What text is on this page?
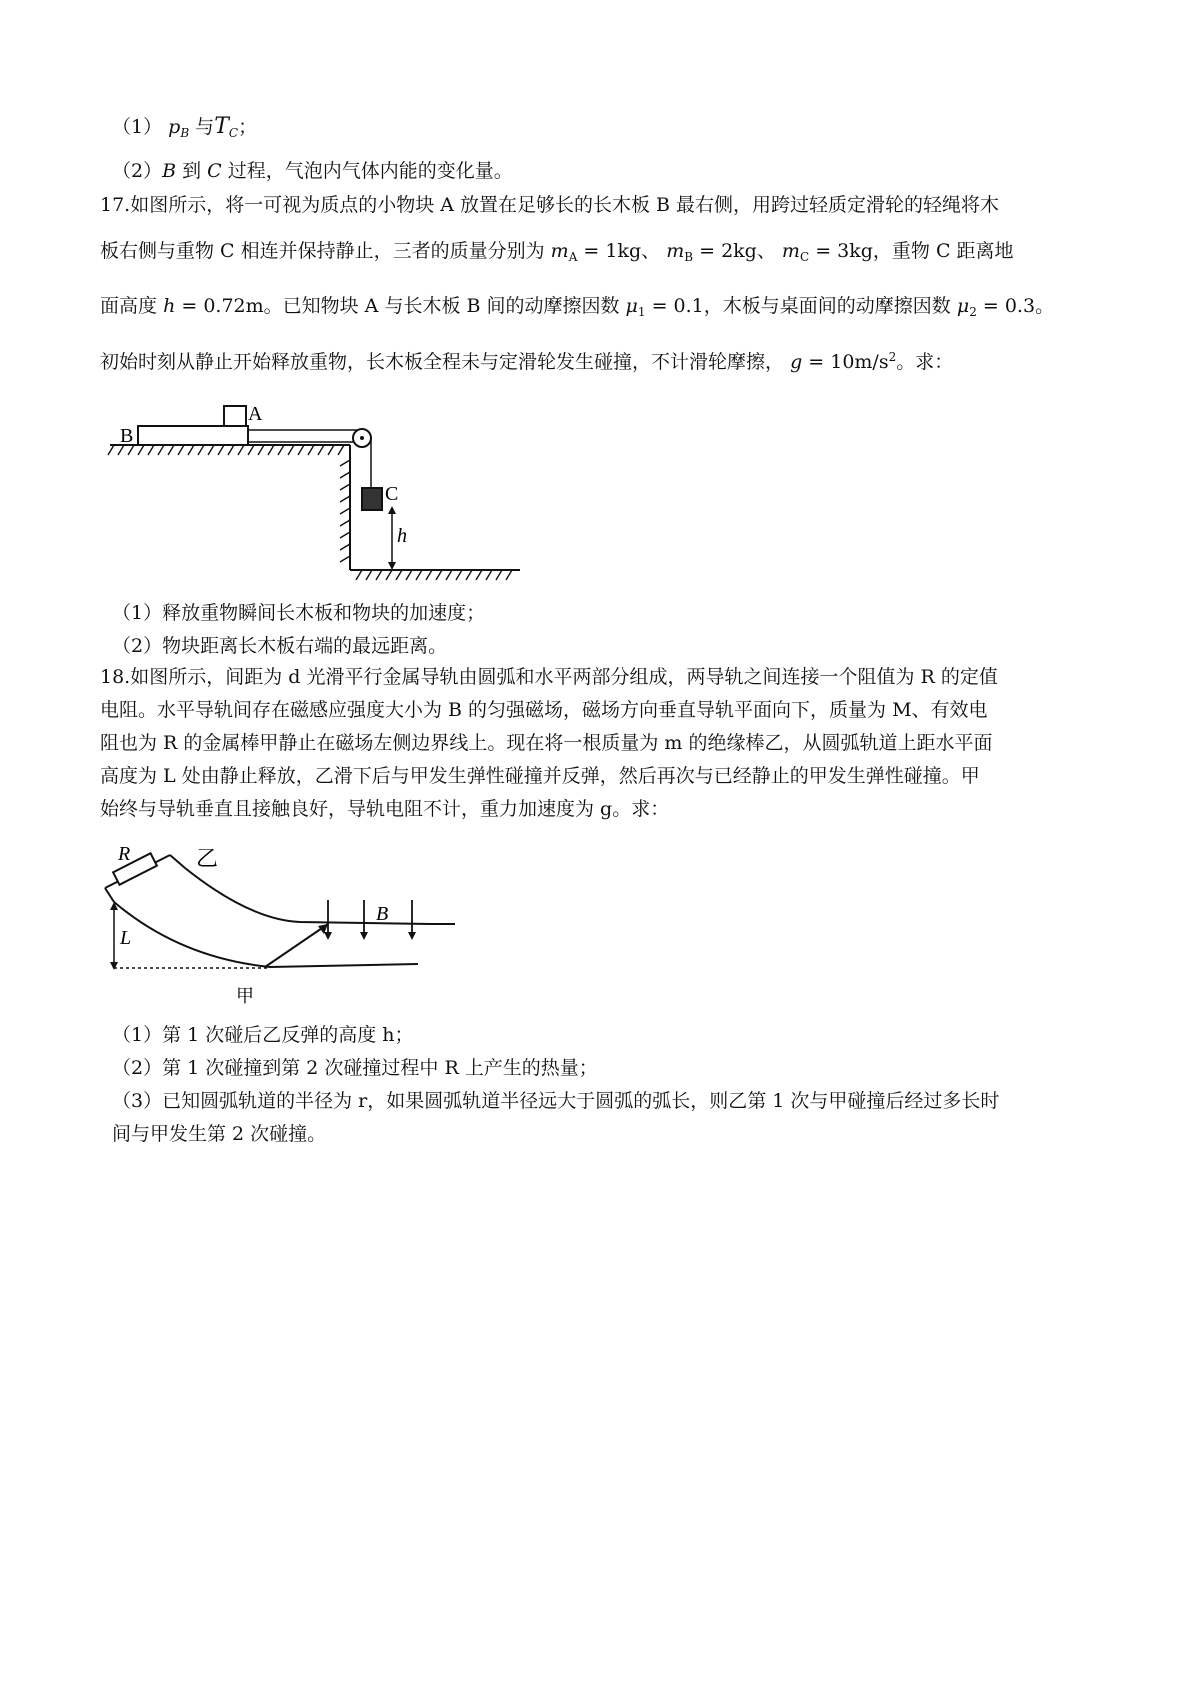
（1） $p_B$ 与$T_C$；
（2）B 到 C 过程，气泡内气体内能的变化量。
17.如图所示，将一可视为质点的小物块 A 放置在足够长的长木板 B 最右侧，用跨过轻质定滑轮的轻绳将木
板右侧与重物 C 相连并保持静止，三者的质量分别为 $m_A = 1kg$、 $m_B = 2kg$、 $m_C = 3kg$，重物 C 距离地
面高度 h = 0.72m。已知物块 A 与长木板 B 间的动摩擦因数 $\mu_1 = 0.1$，木板与桌面间的动摩擦因数 $\mu_2 = 0.3$。
初始时刻从静止开始释放重物，长木板全程未与定滑轮发生碰撞，不计滑轮摩擦， $g = 10m/s^2$。求：
B
A
C
h
（1）释放重物瞬间长木板和物块的加速度；
（2）物块距离长木板右端的最远距离。
18.如图所示，间距为 d 光滑平行金属导轨由圆弧和水平两部分组成，两导轨之间连接一个阻值为 R 的定值
电阻。水平导轨间存在磁感应强度大小为 B 的匀强磁场，磁场方向垂直导轨平面向下，质量为 M、有效电
阻也为 R 的金属棒甲静止在磁场左侧边界线上。现在将一根质量为 m 的绝缘棒乙，从圆弧轨道上距水平面
高度为 L 处由静止释放，乙滑下后与甲发生弹性碰撞并反弹，然后再次与已经静止的甲发生弹性碰撞。甲
始终与导轨垂直且接触良好，导轨电阻不计，重力加速度为 g。求：
R	乙
B
L
甲
（1）第 1 次碰后乙反弹的高度 h；
（2）第 1 次碰撞到第 2 次碰撞过程中 R 上产生的热量；
（3）已知圆弧轨道的半径为 r，如果圆弧轨道半径远大于圆弧的弧长，则乙第 1 次与甲碰撞后经过多长时
间与甲发生第 2 次碰撞。
